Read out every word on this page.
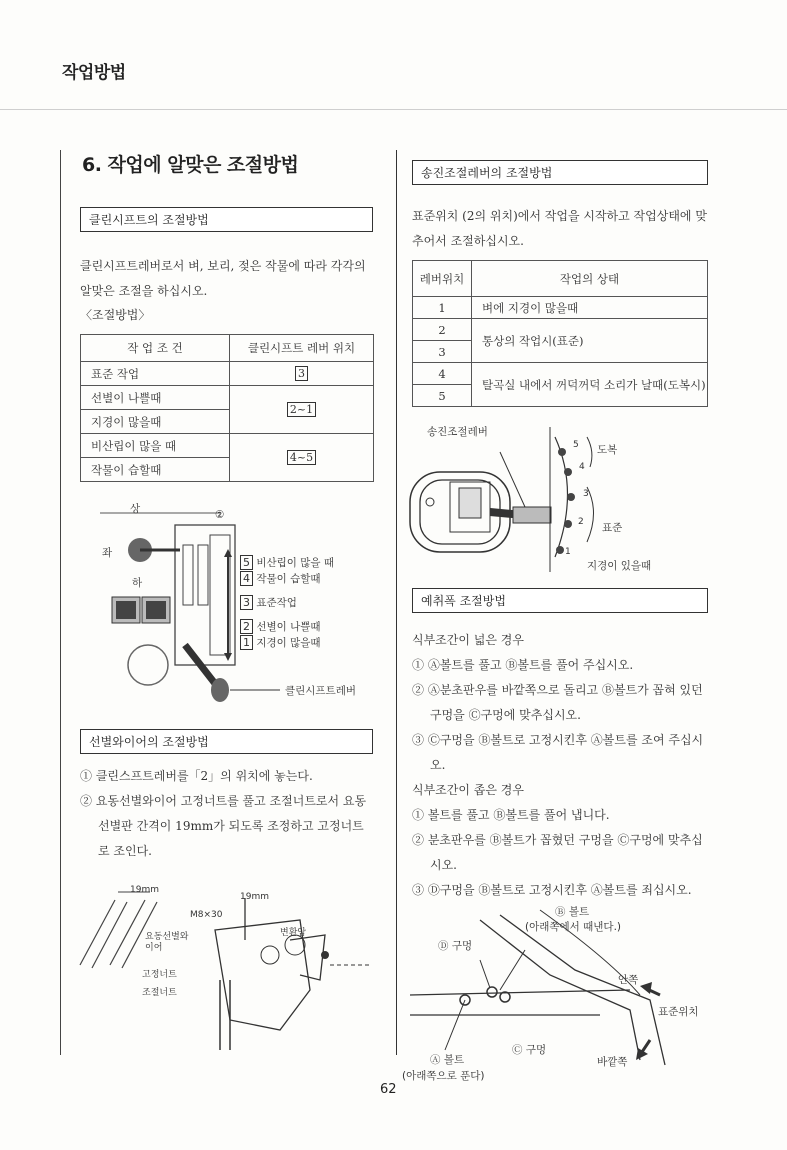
작업방법
6. 작업에 알맞은 조절방법
클린시프트의 조절방법
클린시프트레버로서 벼, 보리, 젖은 작물에 따라 각각의 알맞은 조절을 하십시오.
〈조절방법〉
작 업 조 건	클린시프트 레버 위치
표준 작업	3
선별이 나쁠때	2~1
지경이 많을때	
비산립이 많을 때	4~5
작물이 습할때	
상	②
좌
하
5 비산립이 많을 때
4 작물이 습할때
3 표준작업
2 선별이 나쁠때
1 지경이 많을때
클린시프트레버
선별와이어의 조절방법

① 클린스프트레버를「2」의 위치에 놓는다.

② 요동선별와이어 고정너트를 풀고 조절너트로서 요동선별판 간격이 19mm가 되도록 조정하고 고정너트로 조인다.

19mm
19mm
M8×30
변환암
요동선별와이어
고정너트
조절너트
송진조절레버의 조절방법
표준위치 (2의 위치)에서 작업을 시작하고 작업상태에 맞추어서 조절하십시오.
레버위치	작업의 상태
1	벼에 지경이 많을때
2	통상의 작업시(표준)
3	
4	탈곡실 내에서 꺼덕꺼덕 소리가 날때(도복시)
5	
송진조절레버
5
4
3
2
1
도복
표준
지경이 있을때
예취폭 조절방법

식부조간이 넓은 경우

① Ⓐ볼트를 풀고 Ⓑ볼트를 풀어 주십시오.

② Ⓐ분초판우를 바깥쪽으로 돌리고 Ⓑ볼트가 꼽혀 있던 구멍을 Ⓒ구멍에 맞추십시오.

③ Ⓒ구멍을 Ⓑ볼트로 고정시킨후 Ⓐ볼트를 조여 주십시오.

식부조간이 좁은 경우

① 볼트를 풀고 Ⓑ볼트를 풀어 냅니다.

② 분초판우를 Ⓑ볼트가 꼽혔던 구멍을 Ⓒ구멍에 맞추십시오.

③ Ⓓ구멍을 Ⓑ볼트로 고정시킨후 Ⓐ볼트를 죄십시오.

Ⓑ 볼트
(아래쪽에서 때낸다.)
Ⓓ 구멍
안쪽
표준위치
Ⓒ 구멍
바깥쪽
Ⓐ 볼트
(아래쪽으로 푼다)
62
